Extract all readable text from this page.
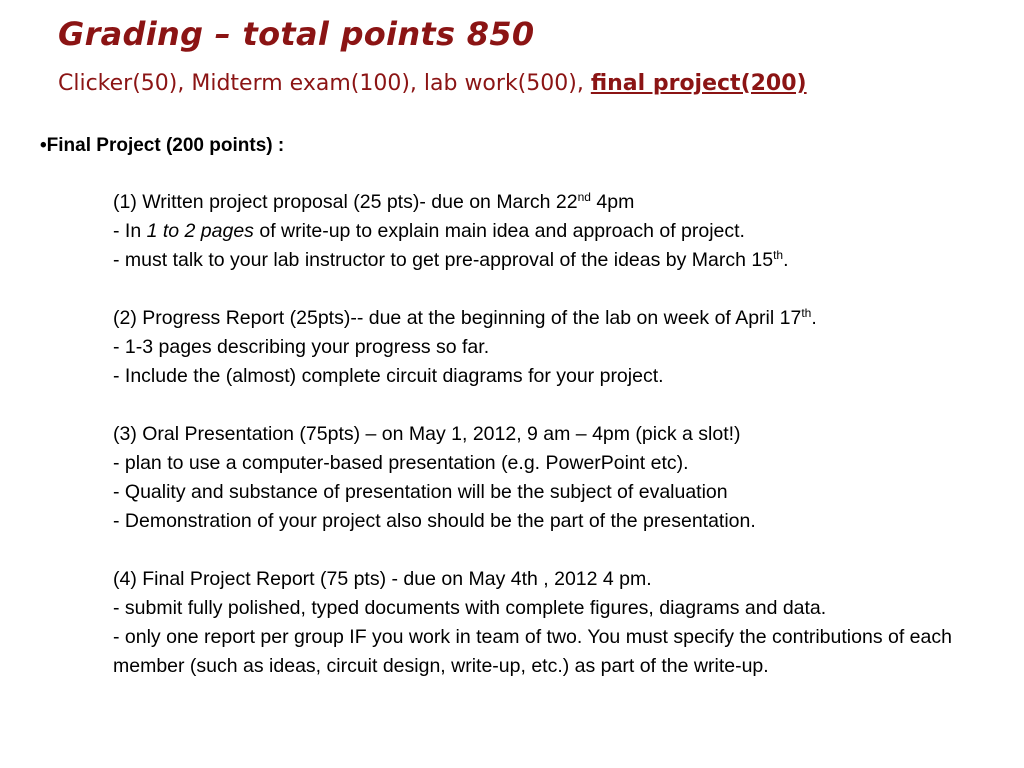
Grading – total points 850

Clicker(50), Midterm exam(100), lab work(500), final project(200)

•Final Project (200 points) :

(1) Written project proposal (25 pts)- due on March 22nd 4pm

- In 1 to 2 pages of write-up to explain main idea and approach of project.

- must talk to your lab instructor to get pre-approval of the ideas by March 15th.

(2) Progress Report (25pts)-- due at the beginning of the lab on week of April 17th.

- 1-3 pages describing your progress so far.

- Include the (almost) complete circuit diagrams for your project.

(3) Oral Presentation (75pts) – on May 1, 2012, 9 am – 4pm (pick a slot!)

- plan to use a computer-based presentation (e.g. PowerPoint etc).

- Quality and substance of presentation will be the subject of evaluation

- Demonstration of your project also should be the part of the presentation.

(4) Final Project Report (75 pts) - due on May 4th , 2012 4 pm.

- submit fully polished, typed documents with complete figures, diagrams and data.

- only one report per group IF you work in team of two. You must specify the contributions of each member (such as ideas, circuit design, write-up, etc.) as part of the write-up.
